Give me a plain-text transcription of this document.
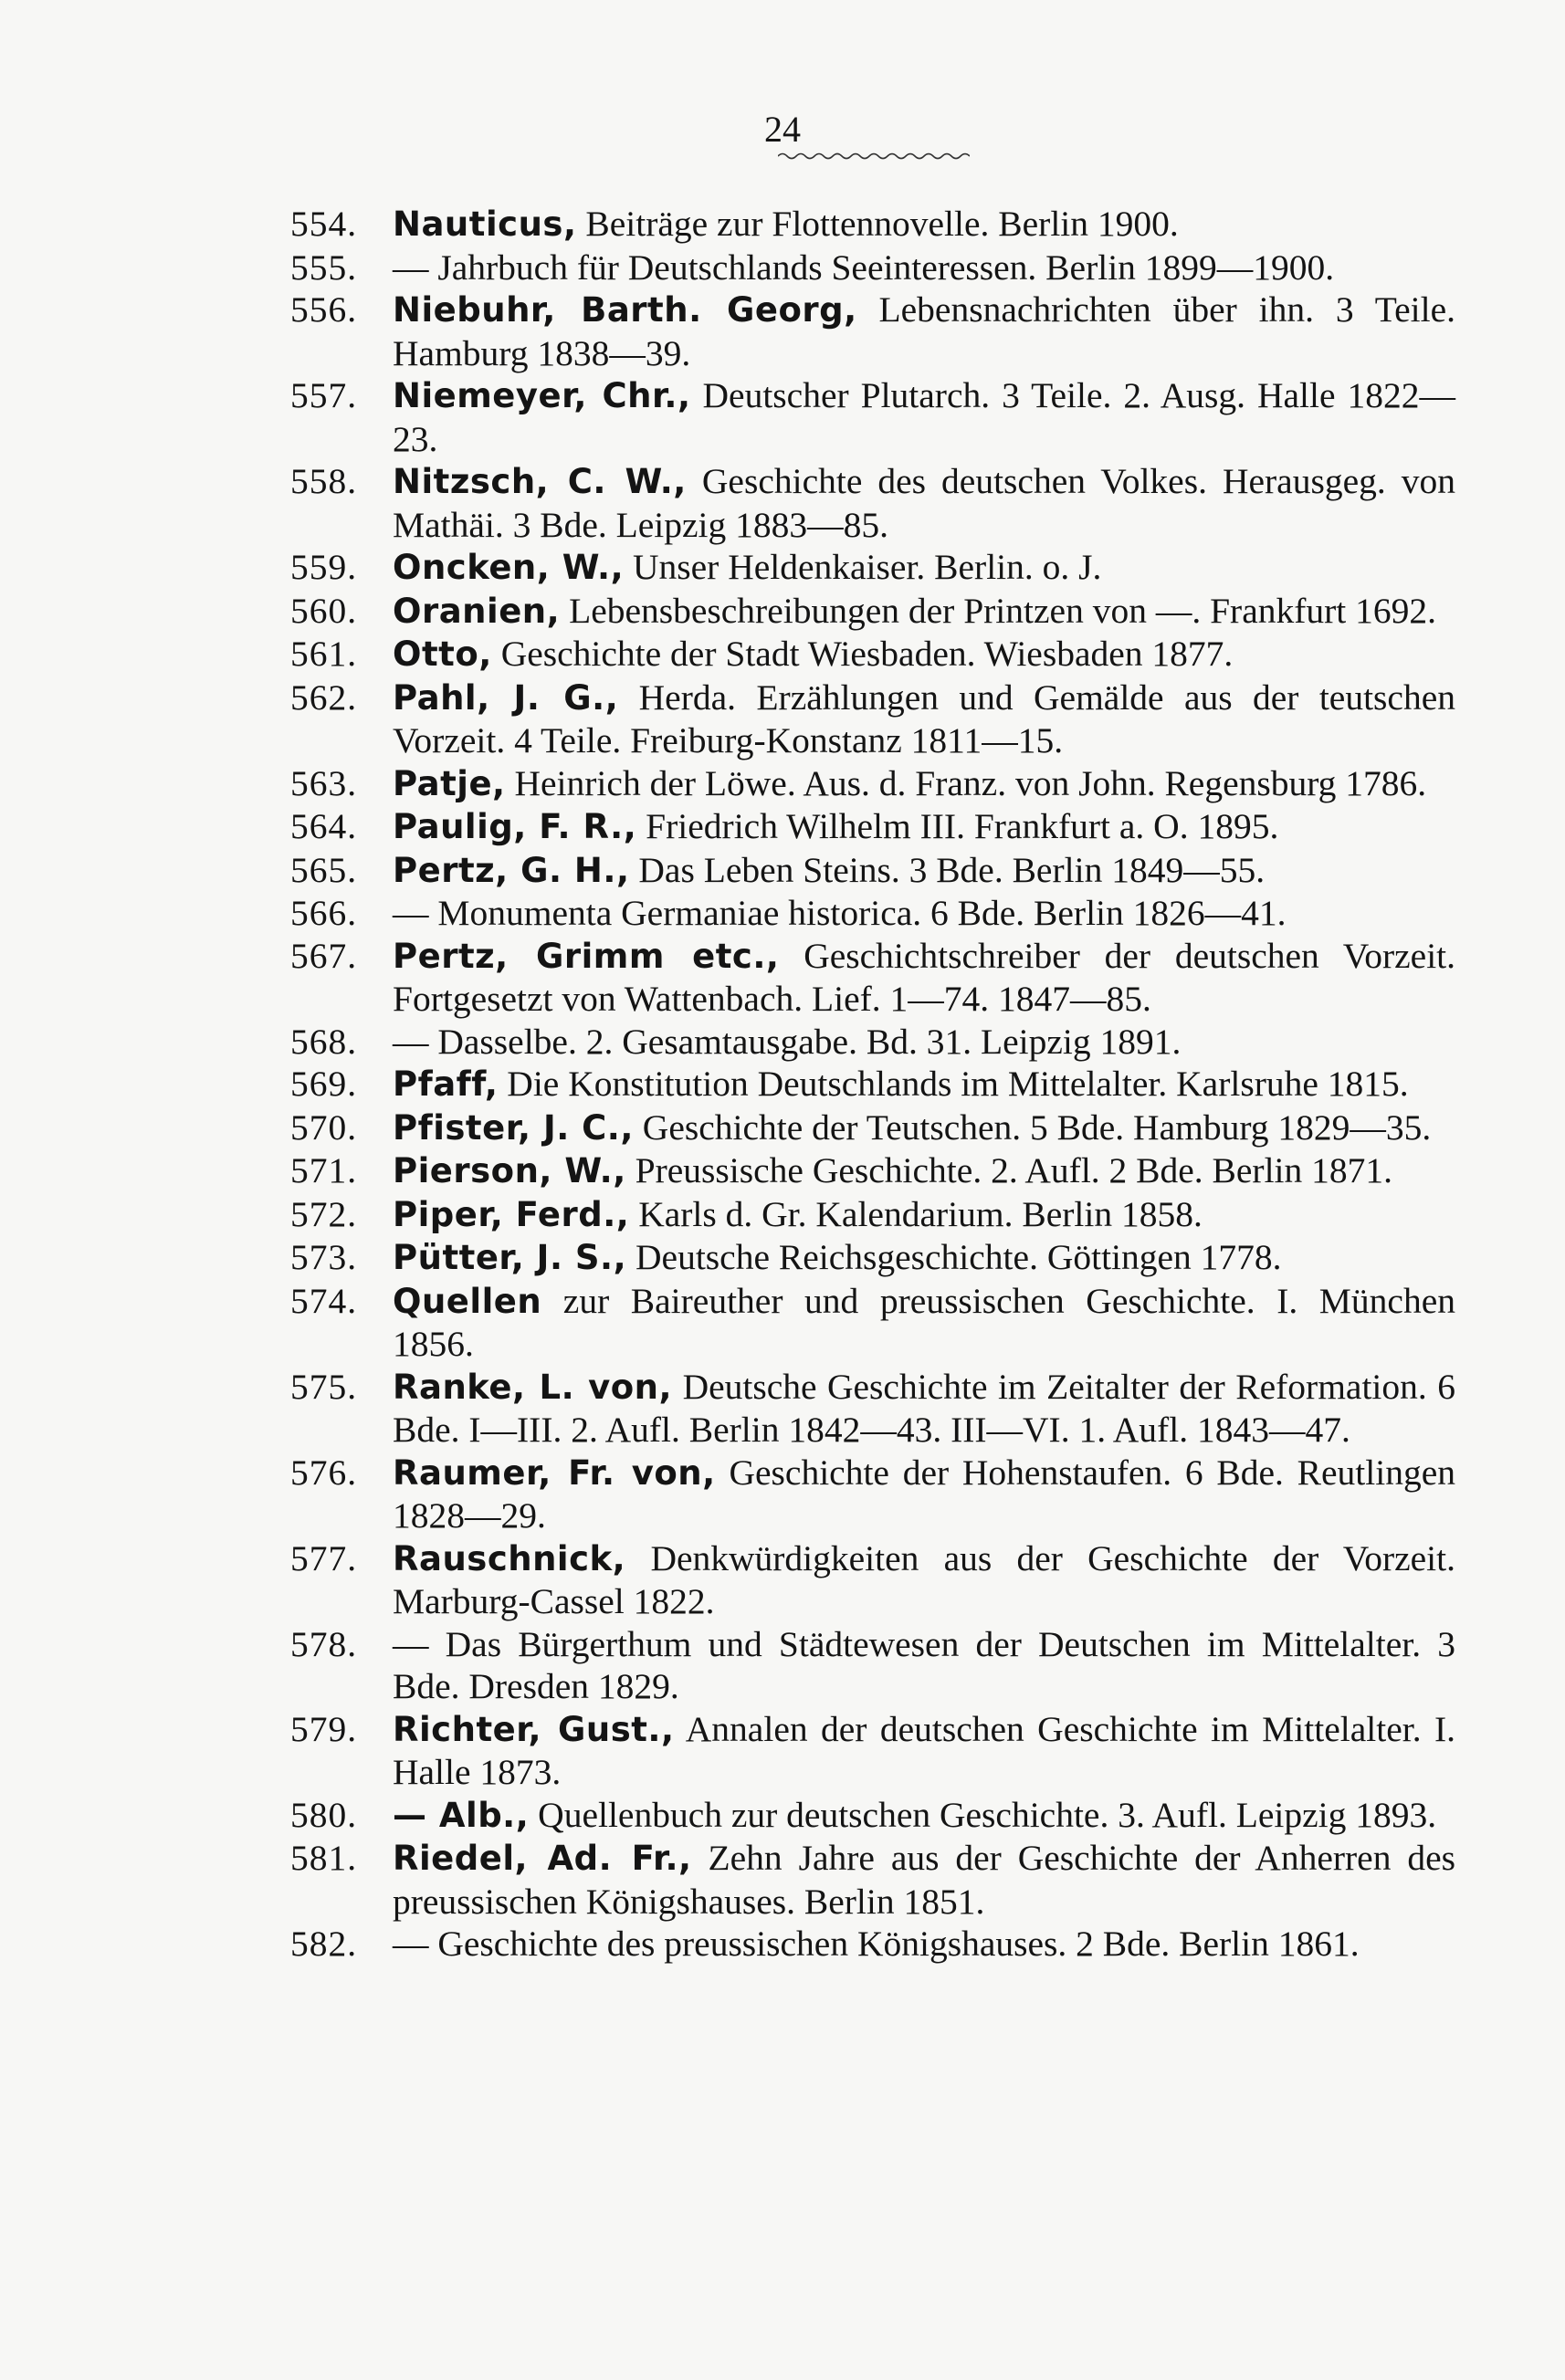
24
554.	Nauticus, Beiträge zur Flottennovelle. Berlin 1900.
555. — Jahrbuch für Deutschlands Seeinteressen. Berlin 1899—1900.
556.	Niebuhr, Barth. Georg, Lebensnachrichten über ihn. 3 Teile. Hamburg 1838—39.
557.	Niemeyer, Chr., Deutscher Plutarch. 3 Teile. 2. Ausg. Halle 1822—23.
558.	Nitzsch, C. W., Geschichte des deutschen Volkes. Herausgeg. von Mathäi. 3 Bde. Leipzig 1883—85.
559.	Oncken, W., Unser Heldenkaiser. Berlin. o. J.
560.	Oranien, Lebensbeschreibungen der Printzen von —. Frankfurt 1692.
561.	Otto, Geschichte der Stadt Wiesbaden. Wiesbaden 1877.
562.	Pahl, J. G., Herda. Erzählungen und Gemälde aus der teutschen Vorzeit. 4 Teile. Freiburg-Konstanz 1811—15.
563.	Patje, Heinrich der Löwe. Aus. d. Franz. von John. Regensburg 1786.
564.	Paulig, F. R., Friedrich Wilhelm III. Frankfurt a. O. 1895.
565.	Pertz, G. H., Das Leben Steins. 3 Bde. Berlin 1849—55.
566. — Monumenta Germaniae historica. 6 Bde. Berlin 1826—41.
567.	Pertz, Grimm etc., Geschichtschreiber der deutschen Vorzeit. Fortgesetzt von Wattenbach. Lief. 1—74. 1847—85.
568. — Dasselbe. 2. Gesamtausgabe. Bd. 31. Leipzig 1891.
569.	Pfaff, Die Konstitution Deutschlands im Mittelalter. Karlsruhe 1815.
570.	Pfister, J. C., Geschichte der Teutschen. 5 Bde. Hamburg 1829—35.
571.	Pierson, W., Preussische Geschichte. 2. Aufl. 2 Bde. Berlin 1871.
572.	Piper, Ferd., Karls d. Gr. Kalendarium. Berlin 1858.
573.	Pütter, J. S., Deutsche Reichsgeschichte. Göttingen 1778.
574.	Quellen zur Baireuther und preussischen Geschichte. I. München 1856.
575.	Ranke, L. von, Deutsche Geschichte im Zeitalter der Reformation. 6 Bde. I—III. 2. Aufl. Berlin 1842—43. III—VI. 1. Aufl. 1843—47.
576.	Raumer, Fr. von, Geschichte der Hohenstaufen. 6 Bde. Reutlingen 1828—29.
577.	Rauschnick, Denkwürdigkeiten aus der Geschichte der Vorzeit. Marburg-Cassel 1822.
578. — Das Bürgerthum und Städtewesen der Deutschen im Mittelalter. 3 Bde. Dresden 1829.
579.	Richter, Gust., Annalen der deutschen Geschichte im Mittelalter. I. Halle 1873.
580.	— Alb., Quellenbuch zur deutschen Geschichte. 3. Aufl. Leipzig 1893.
581.	Riedel, Ad. Fr., Zehn Jahre aus der Geschichte der Anherren des preussischen Königshauses. Berlin 1851.
582. — Geschichte des preussischen Königshauses. 2 Bde. Berlin 1861.
